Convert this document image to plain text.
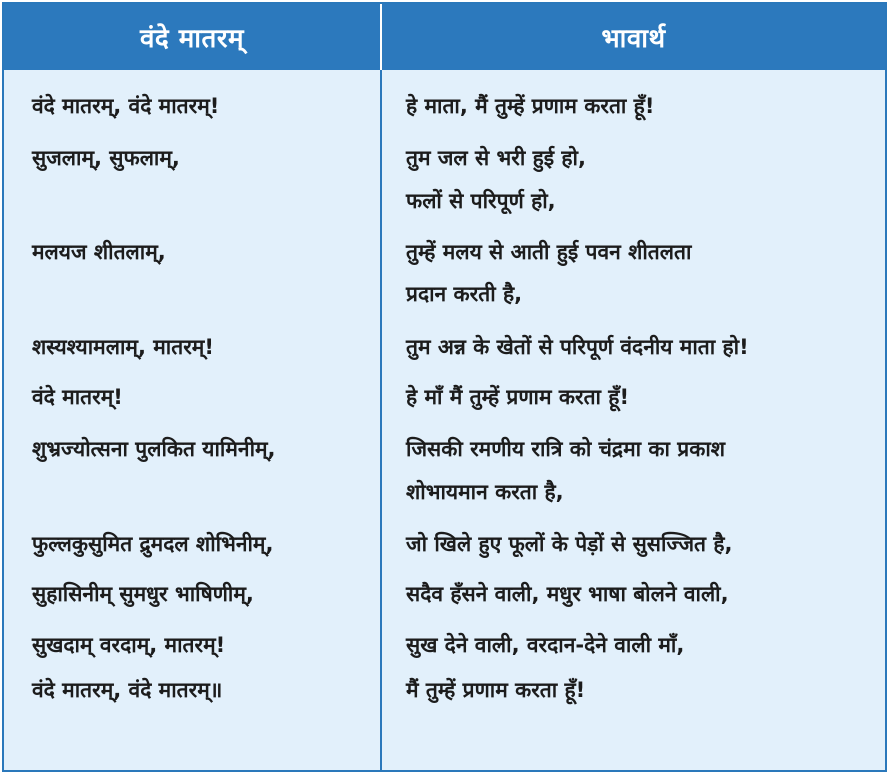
वंदे मातरम्	भावार्थ
वंदे मातरम्, वंदे मातरम्!	हे माता, मैं तुम्हें प्रणाम करता हूँ!
सुजलाम्, सुफलाम्,	तुम जल से भरी हुई हो,
फलों से परिपूर्ण हो,
मलयज शीतलाम्,	तुम्हें मलय से आती हुई पवन शीतलता
प्रदान करती है,
शस्यश्यामलाम्, मातरम्!	तुम अन्न के खेतों से परिपूर्ण वंदनीय माता हो!
वंदे मातरम्!	हे माँ मैं तुम्हें प्रणाम करता हूँ!
शुभ्रज्योत्सना पुलकित यामिनीम्,	जिसकी रमणीय रात्रि को चंद्रमा का प्रकाश
शोभायमान करता है,
फुल्लकुसुमित द्रुमदल शोभिनीम्,	जो खिले हुए फूलों के पेड़ों से सुसज्जित है,
सुहासिनीम् सुमधुर भाषिणीम्,	सदैव हँसने वाली, मधुर भाषा बोलने वाली,
सुखदाम् वरदाम्, मातरम्!	सुख देने वाली, वरदान-देने वाली माँ,
वंदे मातरम्, वंदे मातरम्॥	मैं तुम्हें प्रणाम करता हूँ!
